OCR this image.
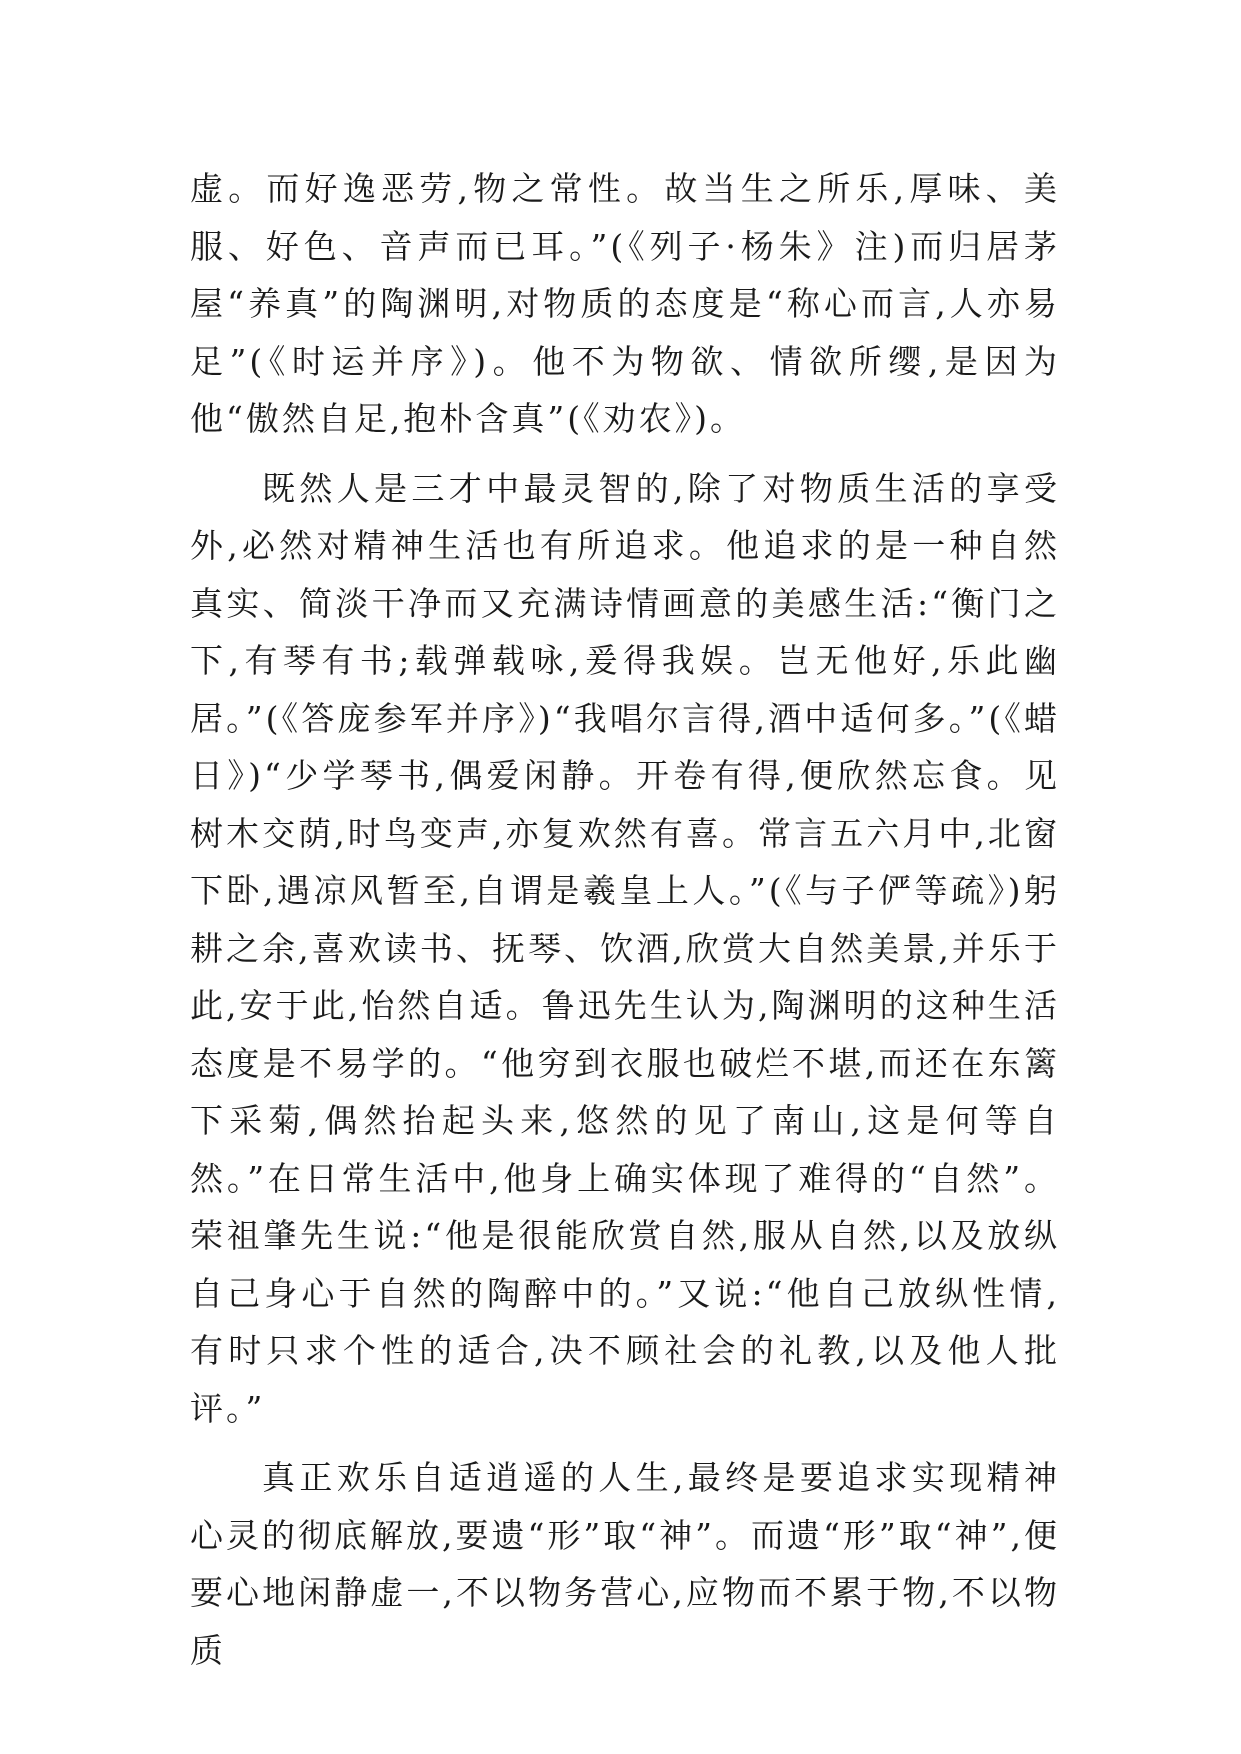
虚。而好逸恶劳,物之常性。故当生之所乐,厚味、美服、好色、音声而已耳。”(《列子·杨朱》注)而归居茅屋“养真”的陶渊明,对物质的态度是“称心而言,人亦易足”(《时运并序》)。他不为物欲、情欲所缨,是因为他“傲然自足,抱朴含真”(《劝农》)。

既然人是三才中最灵智的,除了对物质生活的享受外,必然对精神生活也有所追求。他追求的是一种自然真实、简淡干净而又充满诗情画意的美感生活:“衡门之下,有琴有书;载弹载咏,爰得我娱。岂无他好,乐此幽居。”(《答庞参军并序》)“我唱尔言得,酒中适何多。”(《蜡日》)“少学琴书,偶爱闲静。开卷有得,便欣然忘食。见树木交荫,时鸟变声,亦复欢然有喜。常言五六月中,北窗下卧,遇凉风暂至,自谓是羲皇上人。”(《与子俨等疏》)躬耕之余,喜欢读书、抚琴、饮酒,欣赏大自然美景,并乐于此,安于此,怡然自适。鲁迅先生认为,陶渊明的这种生活态度是不易学的。“他穷到衣服也破烂不堪,而还在东篱下采菊,偶然抬起头来,悠然的见了南山,这是何等自然。”在日常生活中,他身上确实体现了难得的“自然”。荣祖肇先生说:“他是很能欣赏自然,服从自然,以及放纵自己身心于自然的陶醉中的。”又说:“他自己放纵性情,有时只求个性的适合,决不顾社会的礼教,以及他人批评。”

真正欢乐自适逍遥的人生,最终是要追求实现精神心灵的彻底解放,要遗“形”取“神”。而遗“形”取“神”,便要心地闲静虚一,不以物务营心,应物而不累于物,不以物质
